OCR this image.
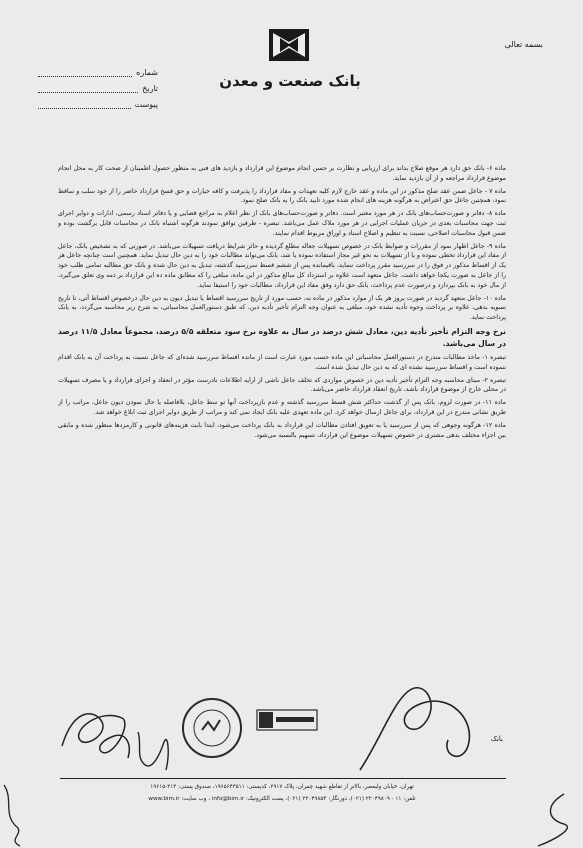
بسمه تعالی
بانک صنعت و معدن
شماره
تاریخ
پیوست

ماده ۶- بانک حق دارد هر موقع صلاح بداند برای ارزیابی و نظارت بر حسن انجام موضوع این قرارداد و بازدید های فنی به منظور حصول اطمینان از صحت کار به محل انجام موضوع قرارداد مراجعه و از آن بازدید نماید.

ماده ۷ - جاعل ضمن عقد صلح مذکور در این ماده و عقد خارج لازم کلیه تعهدات و مفاد قرارداد را پذیرفت و کافه خیارات و حق فسخ قرارداد حاضر را از خود سلب و ساقط نمود، همچنین جاعل حق اعتراض به هرگونه هزینه های انجام شده مورد تایید بانک را به بانک صلح نمود.

ماده ۸- دفاتر و صورت‌حساب‌های بانک در هر مورد معتبر است. دفاتر و صورت‌حساب‌های بانک از نظر اعلام به مراجع قضایی و یا دفاتر اسناد رسمی، ادارات و دوایر اجرای ثبت جهت محاسبات بعدی در جریان عملیات اجرایی در هر مورد ملاک عمل می‌باشد. تبصره - طرفین توافق نمودند هرگونه اشتباه بانک در محاسبات قابل برگشت بوده و ضمن قبول محاسبات اصلاحی، نسبت به تنظیم و اصلاح اسناد و اوراق مربوط اقدام نمایند.

ماده ۹- جاعل اظهار نمود از مقررات و ضوابط بانک در خصوص تسهیلات جعاله مطلع گردیده و حائز شرایط دریافت تسهیلات می‌باشد. در صورتی که به تشخیص بانک، جاعل از مفاد این قرارداد تخطی نموده و یا از تسهیلات به نحو غیر مجاز استفاده نموده یا شد، بانک می‌تواند مطالبات خود را به دین حال تبدیل نماید. همچنین است چنانچه جاعل هر یک از اقساط مذکور در فوق را در سررسید مقرر پرداخت ننماید، باقیمانده پس از ششم قسط سررسید گذشته، تبدیل به دین حال شده و بانک حق مطالبه تمامی طلب خود را از جاعل به صورت یکجا خواهد داشت. جاعل متعهد است علاوه بر استرداد کل مبالغ مذکور در این ماده، مبلغی را که مطابق ماده ده این قرارداد بر ذمه وی تعلق می‌گیرد، از مال خود به بانک بپردازد و درصورت عدم پرداخت، بانک حق دارد وفق مفاد این قرارداد، مطالبات خود را استیفا نماید.

ماده ۱۰- جاعل متعهد گردید در صورت بروز هر یک از موارد مذکور در ماده نه، حسب مورد از تاریخ سررسید اقساط یا تبدیل دیون به دین حال درخصوص اقساط آتی، تا تاریخ تسویه بدهی، علاوه بر پرداخت وجوه تأدیه نشده خود، مبلغی به عنوان وجه التزام تأخیر تأدیه دین، که طبق دستورالعمل محاسباتی، به شرح زیر محاسبه می‌گردد، به بانک پرداخت نماید.

نرخ وجه التزام تأخیر تأدیه دین، معادل شش درصد در سال به علاوه نرخ سود متعلقه ۵/۵ درصد، مجموعاً معادل ۱۱/۵ درصد در سال می‌باشد.

تبصره ۱- ماخذ مطالبات مندرج در دستورالعمل محاسباتی این ماده حسب مورد عبارت است از مانده اقساط سررسید شده‌ای که جاعل نسبت به پرداخت آن به بانک اقدام ننموده است و اقساط سررسید نشده ای که به دین حال تبدیل شده است.

تبصره ۲- مبنای محاسبه وجه التزام تأخیر تأدیه دین در خصوص مواردی که تخلف جاعل ناشی از ارایه اطلاعات نادرست مؤثر در انعقاد و اجرای قرارداد و یا مصرف تسهیلات در محلی خارج از موضوع قرارداد باشد، تاریخ انعقاد قرارداد حاضر می‌باشد.

ماده ۱۱- در صورت لزوم، بانک پس از گذشت حداکثر شش قسط سررسید گذشته و عدم بازپرداخت آنها تو سط جاعل، بلافاصله یا حال نمودن دیون جاعل، مراتب را از طریق نشانی مندرج در این قرارداد، برای جاعل ارسال خواهد کرد. این ماده تعهدی علیه بانک ایجاد نمی کند و مراتب از طریق دوایر اجرای ثبت ابلاغ خواهد شد.

ماده ۱۲- هرگونه وجوهی که پس از سررسید یا به تعویق افتادن مطالبات این قرارداد به بانک پرداخت می‌شود، ابتدا بابت هزینه‌های قانونی و کارمزدها منظور شده و مابقی بین اجزاء مختلف بدهی مشتری در خصوص تسهیلات موضوع این قرارداد، تسهیم بالنسبه می‌شود.

بانک
تهران، خیابان ولیعصر، بالاتر از تقاطع شهید چمران، پلاک ۲۹۱۷، کدپستی: ۱۹۶۵۶۴۳۵۱۱، صندوق پستی: ۳۱۴-۱۹۶۱۵
تلفن: ۱۱ - ۲۲۰۴۹۸۰۹ (۰۲۱)، دورنگار: ۲۲۰۴۹۸۵۴ (۰۲۱)، پست الکترونیک: info@bim.ir ، وب سایت: www.bim.ir
